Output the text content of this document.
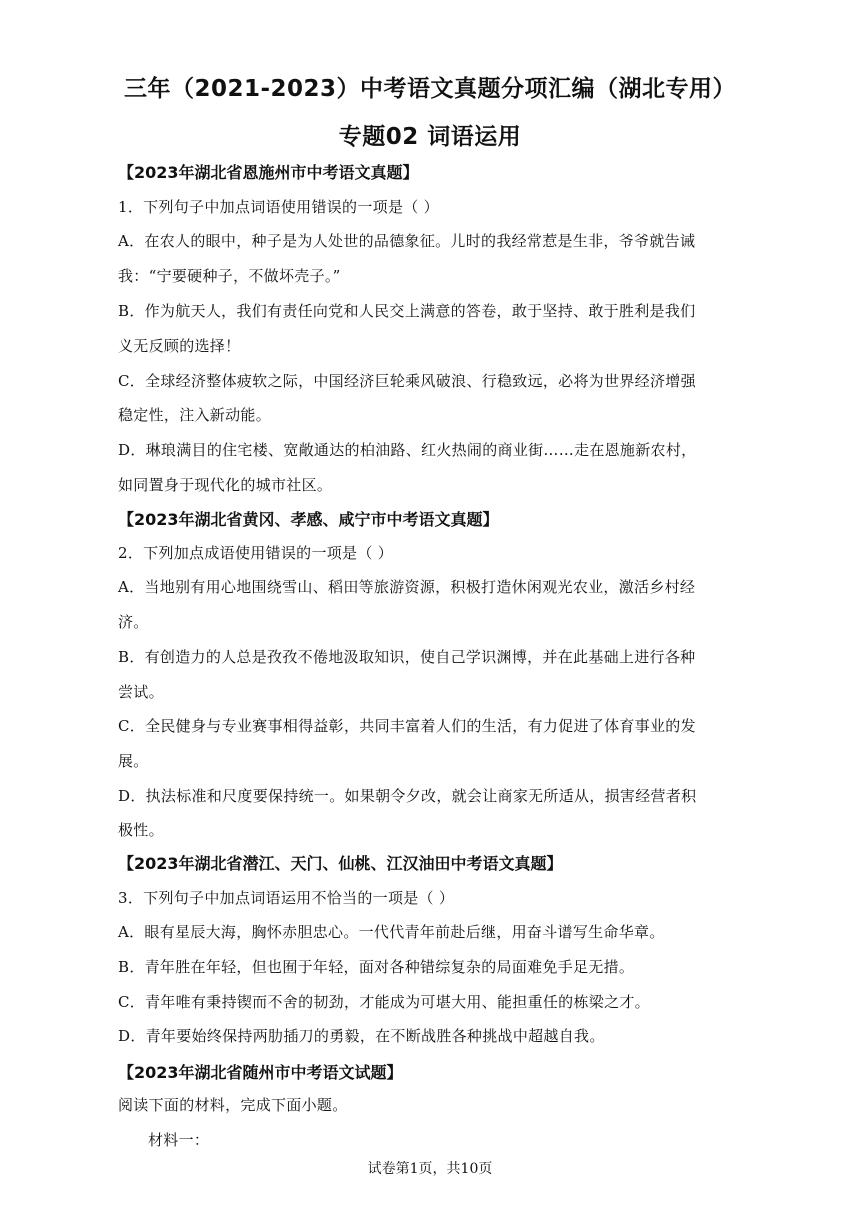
三年（2021-2023）中考语文真题分项汇编（湖北专用）
专题02 词语运用
【2023年湖北省恩施州市中考语文真题】
1．下列句子中加点词语使用错误的一项是（ ）
A．在农人的眼中，种子是为人处世的品德象征。儿时的我经常惹是生非，爷爷就告诫
我：“宁要硬种子，不做坏壳子。”
B．作为航天人，我们有责任向党和人民交上满意的答卷，敢于坚持、敢于胜利是我们
义无反顾的选择！
C．全球经济整体疲软之际，中国经济巨轮乘风破浪、行稳致远，必将为世界经济增强
稳定性，注入新动能。
D．琳琅满目的住宅楼、宽敞通达的柏油路、红火热闹的商业街……走在恩施新农村，
如同置身于现代化的城市社区。
【2023年湖北省黄冈、孝感、咸宁市中考语文真题】
2．下列加点成语使用错误的一项是（ ）
A．当地别有用心地围绕雪山、稻田等旅游资源，积极打造休闲观光农业，激活乡村经
济。
B．有创造力的人总是孜孜不倦地汲取知识，使自己学识渊博，并在此基础上进行各种
尝试。
C．全民健身与专业赛事相得益彰，共同丰富着人们的生活，有力促进了体育事业的发
展。
D．执法标准和尺度要保持统一。如果朝令夕改，就会让商家无所适从，损害经营者积
极性。
【2023年湖北省潜江、天门、仙桃、江汉油田中考语文真题】
3．下列句子中加点词语运用不恰当的一项是（ ）
A．眼有星辰大海，胸怀赤胆忠心。一代代青年前赴后继，用奋斗谱写生命华章。
B．青年胜在年轻，但也囿于年轻，面对各种错综复杂的局面难免手足无措。
C．青年唯有秉持锲而不舍的韧劲，才能成为可堪大用、能担重任的栋梁之才。
D．青年要始终保持两肋插刀的勇毅，在不断战胜各种挑战中超越自我。
【2023年湖北省随州市中考语文试题】
阅读下面的材料，完成下面小题。
材料一：
试卷第1页，共10页
